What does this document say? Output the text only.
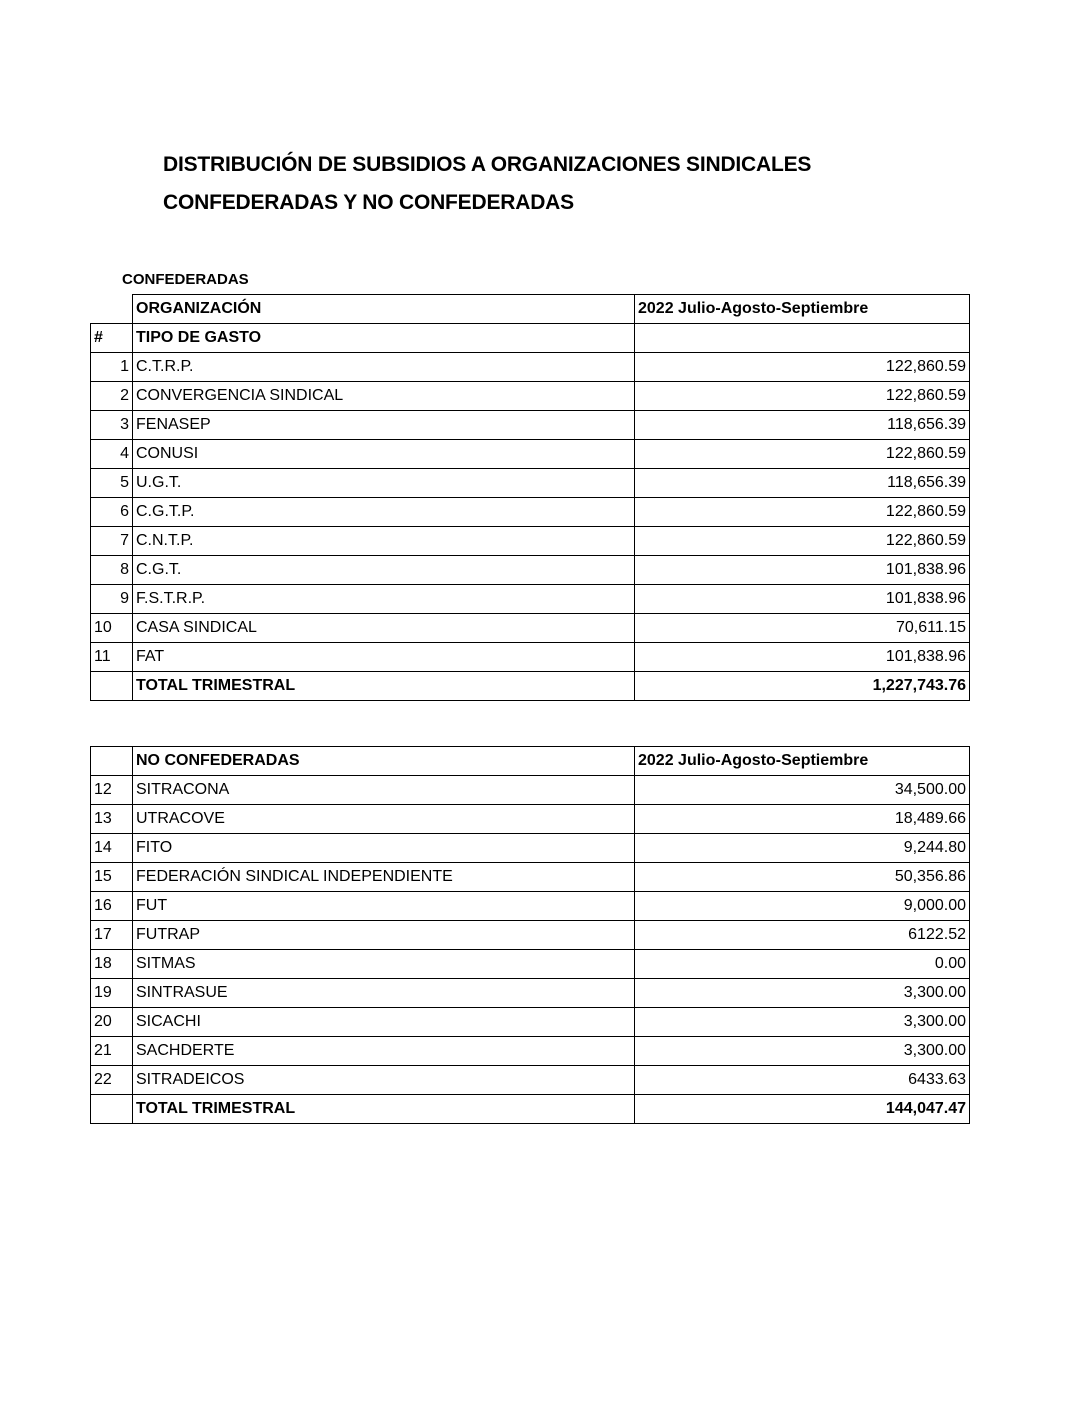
DISTRIBUCIÓN DE SUBSIDIOS A ORGANIZACIONES SINDICALES
CONFEDERADAS Y NO CONFEDERADAS
CONFEDERADAS
	ORGANIZACIÓN	2022 Julio-Agosto-Septiembre
#	TIPO DE GASTO	
1	C.T.R.P.	122,860.59
2	CONVERGENCIA SINDICAL	122,860.59
3	FENASEP	118,656.39
4	CONUSI	122,860.59
5	U.G.T.	118,656.39
6	C.G.T.P.	122,860.59
7	C.N.T.P.	122,860.59
8	C.G.T.	101,838.96
9	F.S.T.R.P.	101,838.96
10	CASA SINDICAL	70,611.15
11	FAT	101,838.96
	TOTAL TRIMESTRAL	1,227,743.76
	NO CONFEDERADAS	2022 Julio-Agosto-Septiembre
12	SITRACONA	34,500.00
13	UTRACOVE	18,489.66
14	FITO	9,244.80
15	FEDERACIÓN SINDICAL INDEPENDIENTE	50,356.86
16	FUT	9,000.00
17	FUTRAP	6122.52
18	SITMAS	0.00
19	SINTRASUE	3,300.00
20	SICACHI	3,300.00
21	SACHDERTE	3,300.00
22	SITRADEICOS	6433.63
	TOTAL TRIMESTRAL	144,047.47
